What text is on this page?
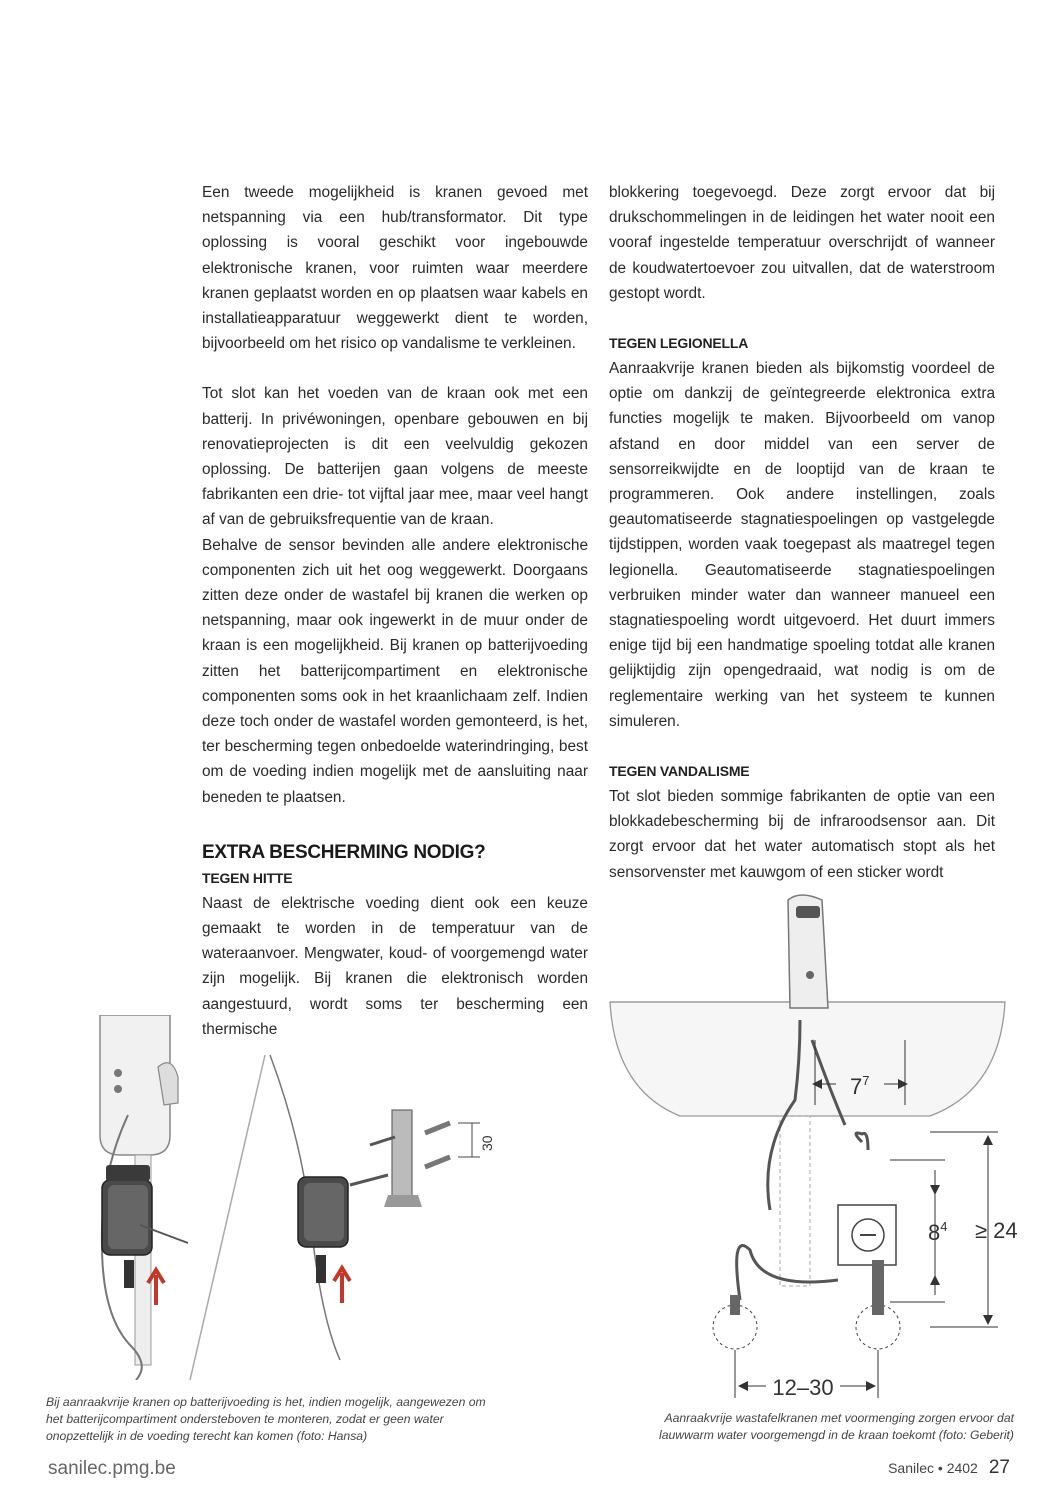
Een tweede mogelijkheid is kranen gevoed met netspanning via een hub/transformator. Dit type oplossing is vooral geschikt voor ingebouwde elektronische kranen, voor ruimten waar meerdere kranen geplaatst worden en op plaatsen waar kabels en installatieapparatuur weggewerkt dient te worden, bijvoorbeeld om het risico op vandalisme te verkleinen.

Tot slot kan het voeden van de kraan ook met een batterij. In privéwoningen, openbare gebouwen en bij renovatieprojecten is dit een veelvuldig gekozen oplossing. De batterijen gaan volgens de meeste fabrikanten een drie- tot vijftal jaar mee, maar veel hangt af van de gebruiksfrequentie van de kraan.

Behalve de sensor bevinden alle andere elektronische componenten zich uit het oog weggewerkt. Doorgaans zitten deze onder de wastafel bij kranen die werken op netspanning, maar ook ingewerkt in de muur onder de kraan is een mogelijkheid. Bij kranen op batterijvoeding zitten het batterijcompartiment en elektronische componenten soms ook in het kraanlichaam zelf. Indien deze toch onder de wastafel worden gemonteerd, is het, ter bescherming tegen onbedoelde waterindringing, best om de voeding indien mogelijk met de aansluiting naar beneden te plaatsen.

EXTRA BESCHERMING NODIG?
TEGEN HITTE

Naast de elektrische voeding dient ook een keuze gemaakt te worden in de temperatuur van de wateraanvoer. Mengwater, koud- of voorgemengd water zijn mogelijk. Bij kranen die elektronisch worden aangestuurd, wordt soms ter bescherming een thermische

blokkering toegevoegd. Deze zorgt ervoor dat bij drukschommelingen in de leidingen het water nooit een vooraf ingestelde temperatuur overschrijdt of wanneer de koudwatertoevoer zou uitvallen, dat de waterstroom gestopt wordt.

TEGEN LEGIONELLA

Aanraakvrije kranen bieden als bijkomstig voordeel de optie om dankzij de geïntegreerde elektronica extra functies mogelijk te maken. Bijvoorbeeld om vanop afstand en door middel van een server de sensorreikwijdte en de looptijd van de kraan te programmeren. Ook andere instellingen, zoals geautomatiseerde stagnatiespoelingen op vastgelegde tijdstippen, worden vaak toegepast als maatregel tegen legionella. Geautomatiseerde stagnatiespoelingen verbruiken minder water dan wanneer manueel een stagnatiespoeling wordt uitgevoerd. Het duurt immers enige tijd bij een handmatige spoeling totdat alle kranen gelijktijdig zijn opengedraaid, wat nodig is om de reglementaire werking van het systeem te kunnen simuleren.

TEGEN VANDALISME

Tot slot bieden sommige fabrikanten de optie van een blokkadebescherming bij de infraroodsensor aan. Dit zorgt ervoor dat het water automatisch stopt als het sensorvenster met kauwgom of een sticker wordt

30
Bij aanraakvrije kranen op batterijvoeding is het, indien mogelijk, aangewezen om het batterijcompartiment ondersteboven te monteren, zodat er geen water onopzettelijk in de voeding terecht kan komen (foto: Hansa)
$7^7$
$8^4 \ge 24$
12–30
Aanraakvrije wastafelkranen met voormenging zorgen ervoor dat lauwwarm water voorgemengd in de kraan toekomt (foto: Geberit)
sanilec.pmg.be	Sanilec • 2402 27
